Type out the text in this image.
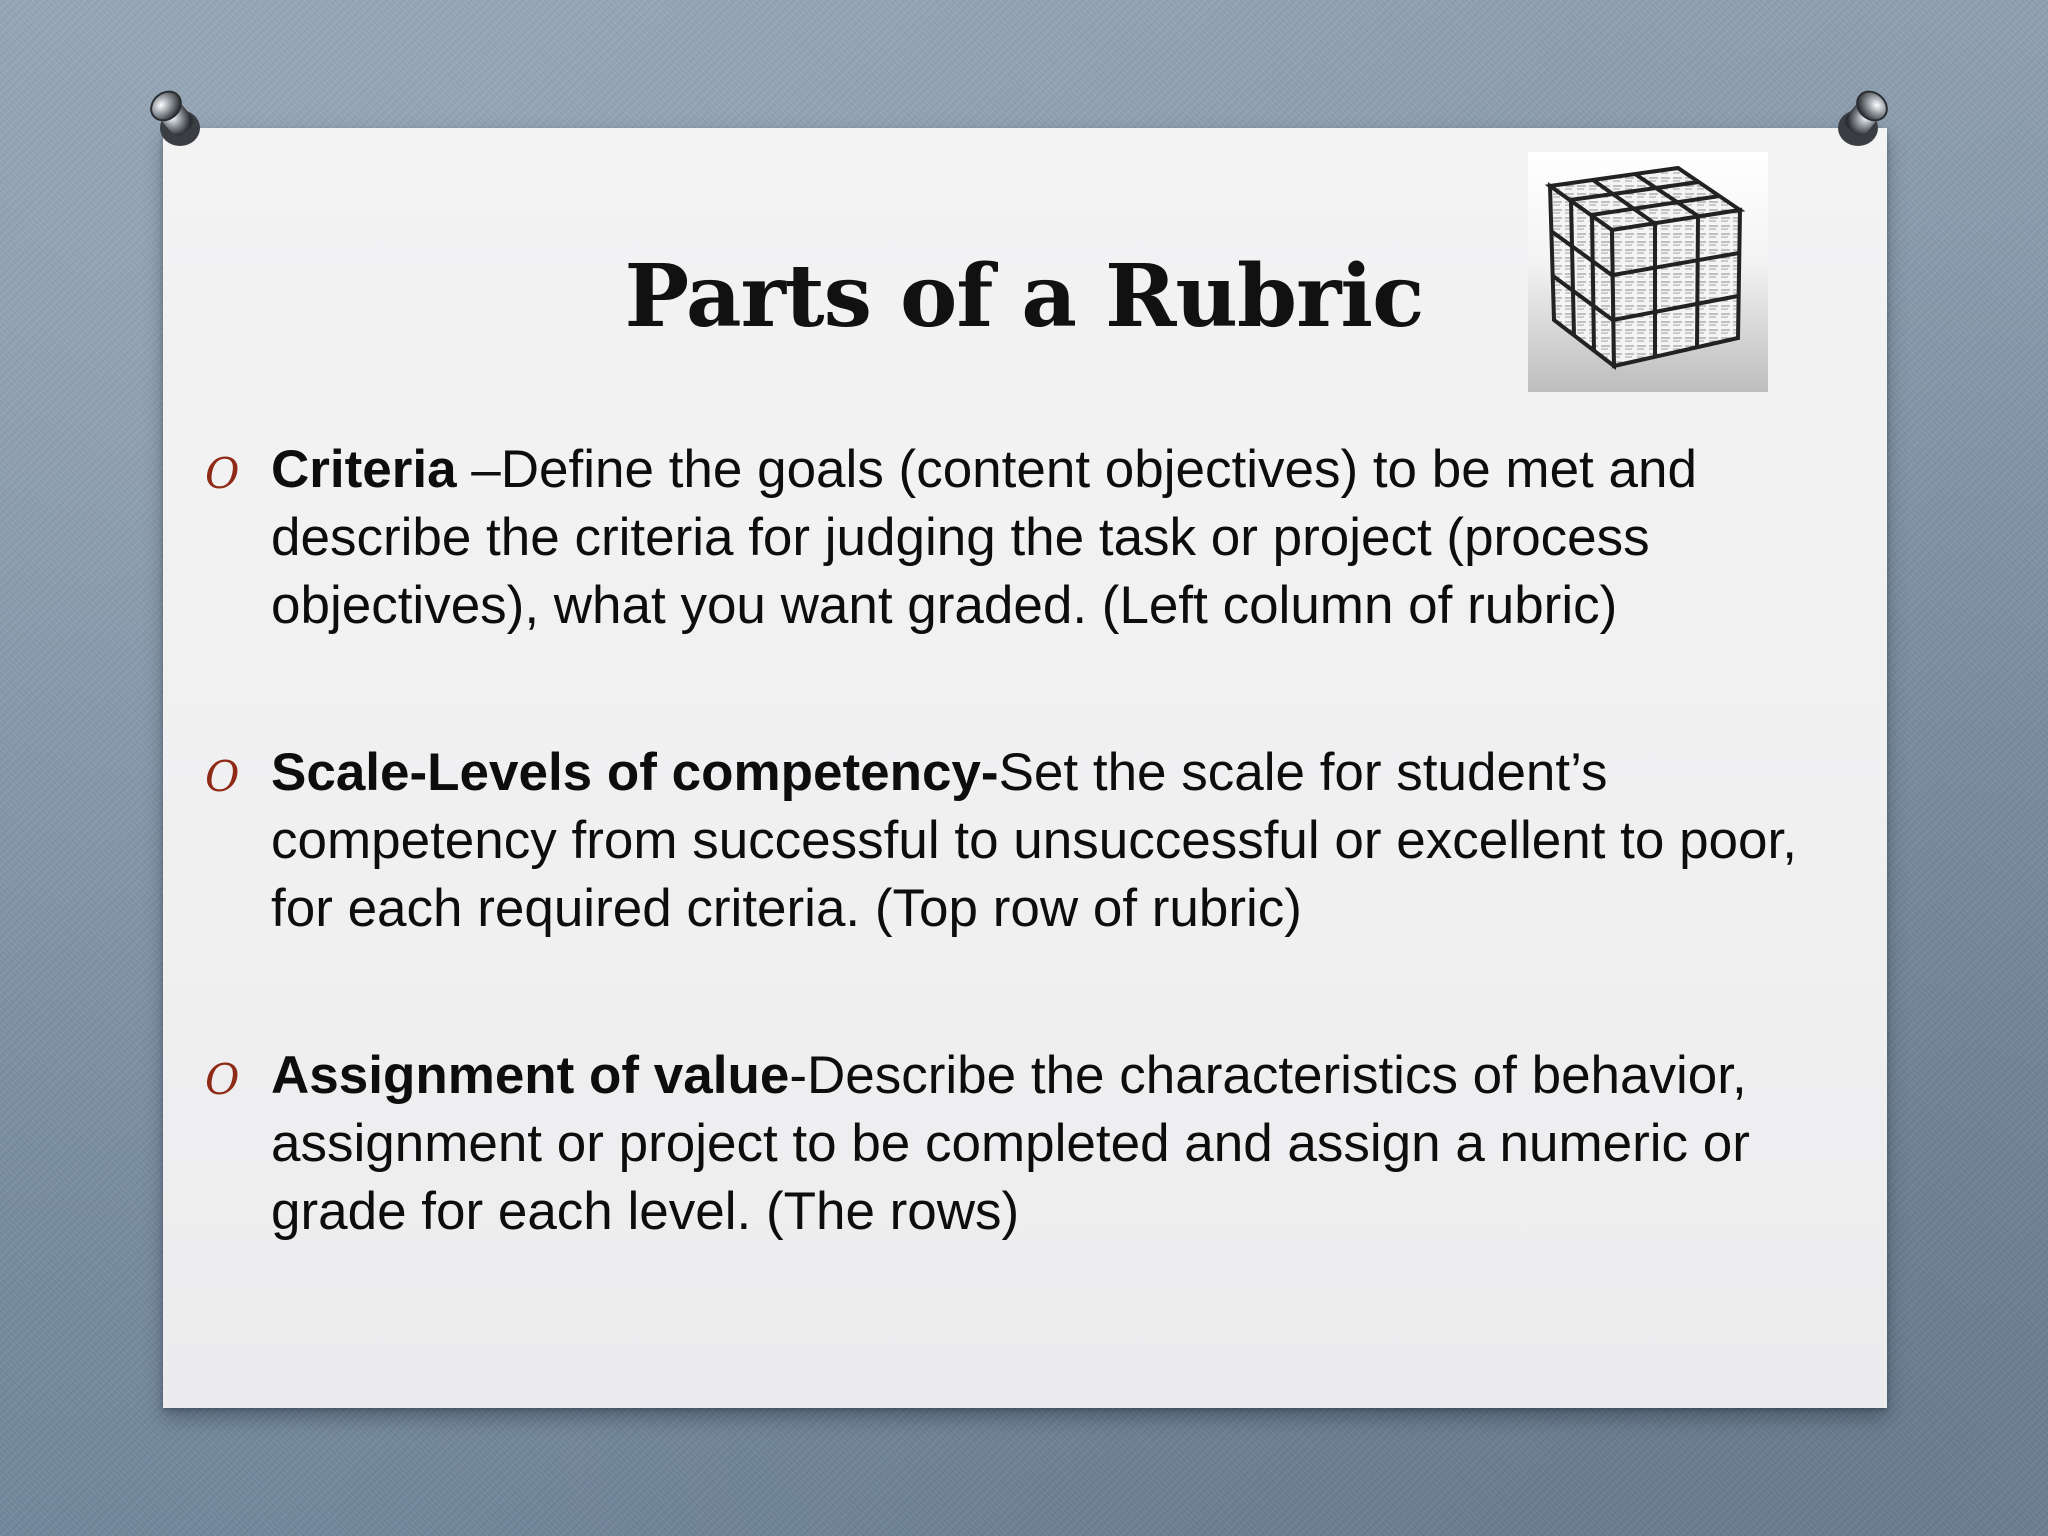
Parts of a Rubric
O Criteria –Define the goals (content objectives) to be met and describe the criteria for judging the task or project (process objectives), what you want graded. (Left column of rubric)
O Scale-Levels of competency-Set the scale for student’s competency from successful to unsuccessful or excellent to poor, for each required criteria. (Top row of rubric)
O Assignment of value-Describe the characteristics of behavior, assignment or project to be completed and assign a numeric or grade for each level. (The rows)
